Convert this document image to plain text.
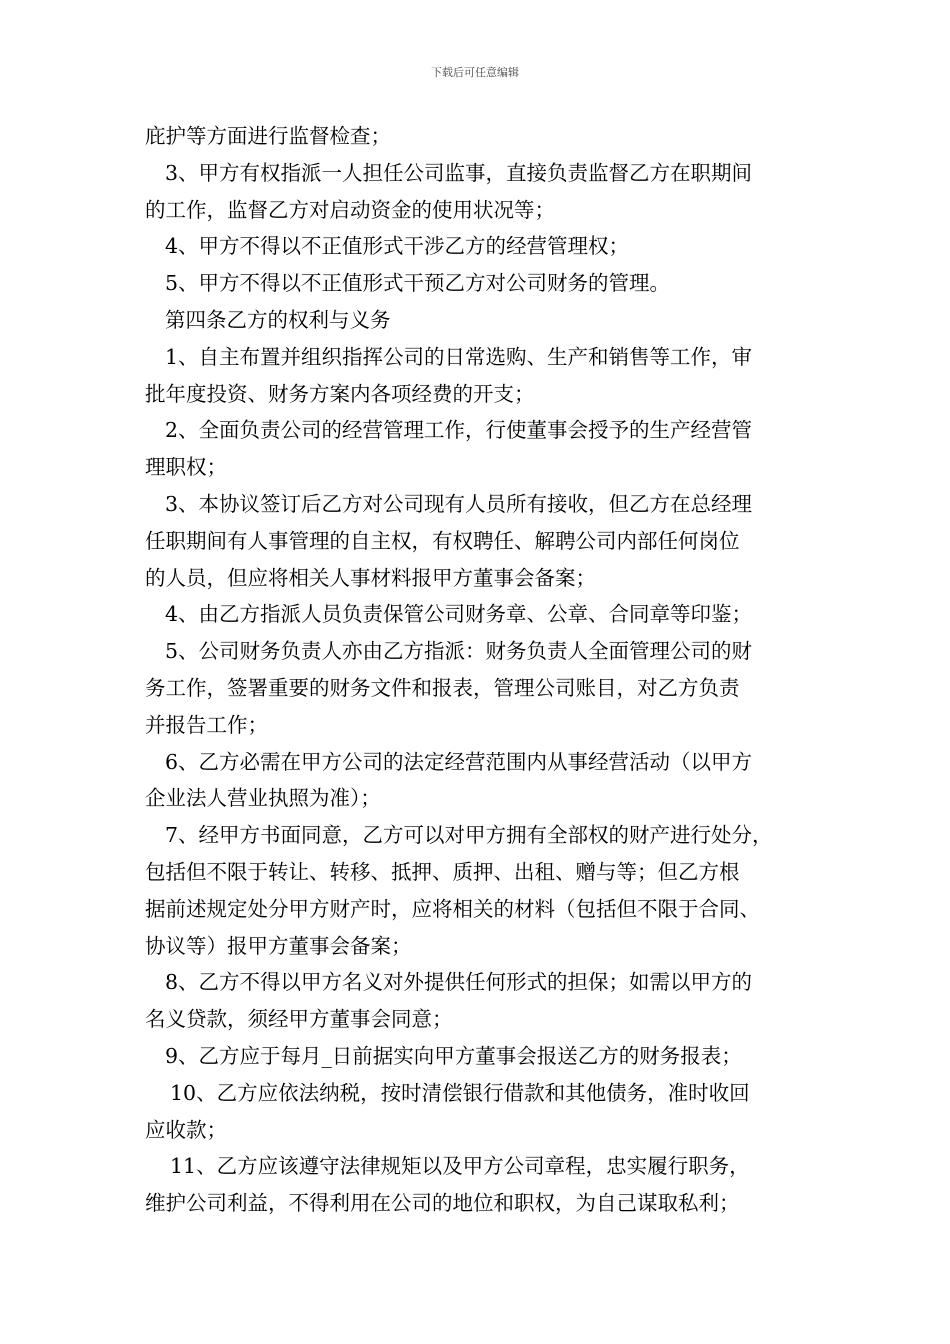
下载后可任意编辑
庇护等方面进行监督检查；
3、甲方有权指派一人担任公司监事，直接负责监督乙方在职期间
的工作，监督乙方对启动资金的使用状况等；
4、甲方不得以不正值形式干涉乙方的经营管理权；
5、甲方不得以不正值形式干预乙方对公司财务的管理。
第四条乙方的权利与义务
1、自主布置并组织指挥公司的日常选购、生产和销售等工作，审
批年度投资、财务方案内各项经费的开支；
2、全面负责公司的经营管理工作，行使董事会授予的生产经营管
理职权；
3、本协议签订后乙方对公司现有人员所有接收，但乙方在总经理
任职期间有人事管理的自主权，有权聘任、解聘公司内部任何岗位
的人员，但应将相关人事材料报甲方董事会备案；
4、由乙方指派人员负责保管公司财务章、公章、合同章等印鉴；
5、公司财务负责人亦由乙方指派：财务负责人全面管理公司的财
务工作，签署重要的财务文件和报表，管理公司账目，对乙方负责
并报告工作；
6、乙方必需在甲方公司的法定经营范围内从事经营活动（以甲方
企业法人营业执照为准）；
7、经甲方书面同意，乙方可以对甲方拥有全部权的财产进行处分，
包括但不限于转让、转移、抵押、质押、出租、赠与等；但乙方根
据前述规定处分甲方财产时，应将相关的材料（包括但不限于合同、
协议等）报甲方董事会备案；
8、乙方不得以甲方名义对外提供任何形式的担保；如需以甲方的
名义贷款，须经甲方董事会同意；
9、乙方应于每月_日前据实向甲方董事会报送乙方的财务报表；
10、乙方应依法纳税，按时清偿银行借款和其他债务，准时收回
应收款；
11、乙方应该遵守法律规矩以及甲方公司章程，忠实履行职务，
维护公司利益，不得利用在公司的地位和职权，为自己谋取私利；
